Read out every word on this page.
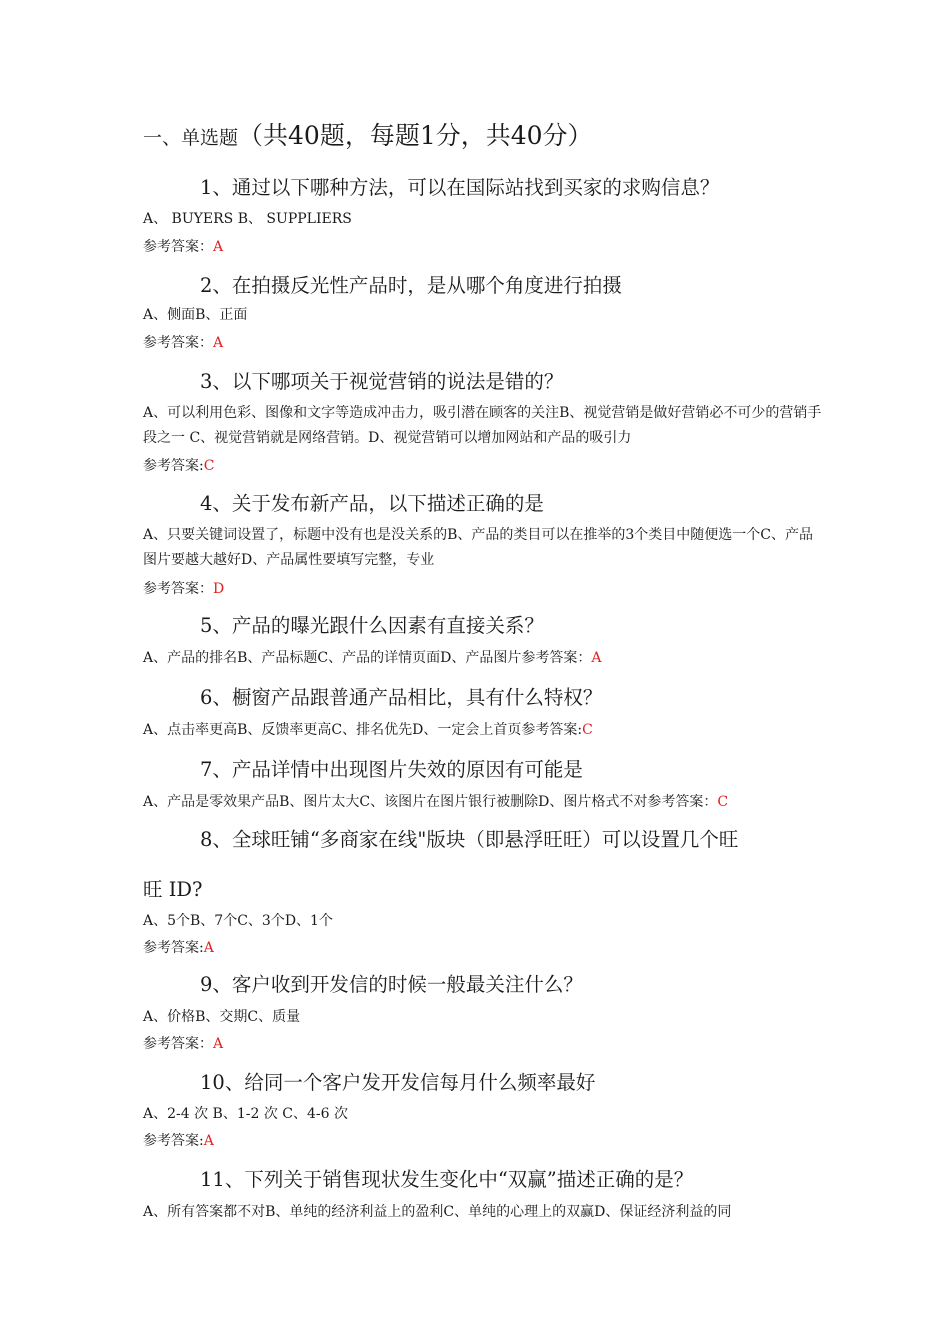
一、单选题（共40题，每题1分，共40分）
1、通过以下哪种方法，可以在国际站找到买家的求购信息？
A、 BUYERS B、 SUPPLIERS
参考答案：A
2、在拍摄反光性产品时，是从哪个角度进行拍摄
A、侧面B、正面
参考答案：A
3、以下哪项关于视觉营销的说法是错的？
A、可以利用色彩、图像和文字等造成冲击力，吸引潜在顾客的关注B、视觉营销是做好营销必不可少的营销手段之一 C、视觉营销就是网络营销。D、视觉营销可以增加网站和产品的吸引力
参考答案:C
4、关于发布新产品，以下描述正确的是
A、只要关键词设置了，标题中没有也是没关系的B、产品的类目可以在推举的3个类目中随便选一个C、产品图片要越大越好D、产品属性要填写完整，专业
参考答案：D
5、产品的曝光跟什么因素有直接关系？
A、产品的排名B、产品标题C、产品的详情页面D、产品图片参考答案：A
6、橱窗产品跟普通产品相比，具有什么特权？
A、点击率更高B、反馈率更高C、排名优先D、一定会上首页参考答案:C
7、产品详情中出现图片失效的原因有可能是
A、产品是零效果产品B、图片太大C、该图片在图片银行被删除D、图片格式不对参考答案：C
8、全球旺铺“多商家在线"版块（即悬浮旺旺）可以设置几个旺
旺 ID?
A、5个B、7个C、3个D、1个
参考答案:A
9、客户收到开发信的时候一般最关注什么？
A、价格B、交期C、质量
参考答案：A
10、给同一个客户发开发信每月什么频率最好
A、2-4 次 B、1-2 次 C、4-6 次
参考答案:A
11、下列关于销售现状发生变化中“双赢”描述正确的是？
A、所有答案都不对B、单纯的经济利益上的盈利C、单纯的心理上的双赢D、保证经济利益的同
